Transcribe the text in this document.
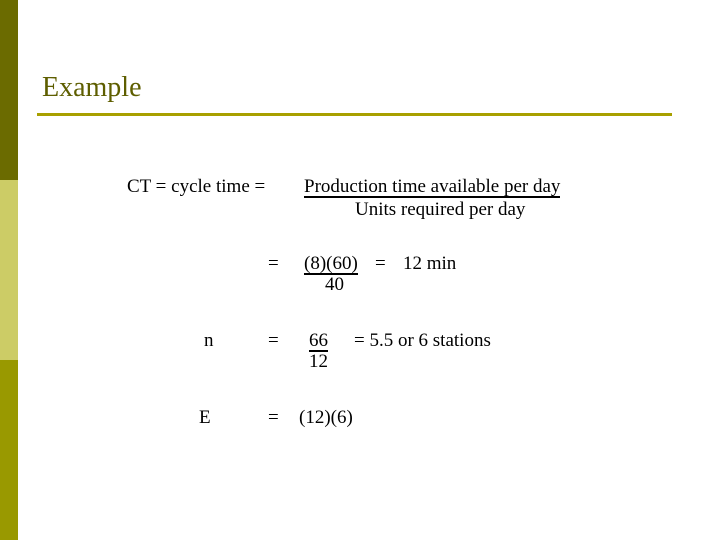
Example
CT = cycle time = Production time available per day
Units required per day
= (8)(60) = 12 min
40
n	= 66
12
= 5.5 or 6 stations
E	= (12)(6)
